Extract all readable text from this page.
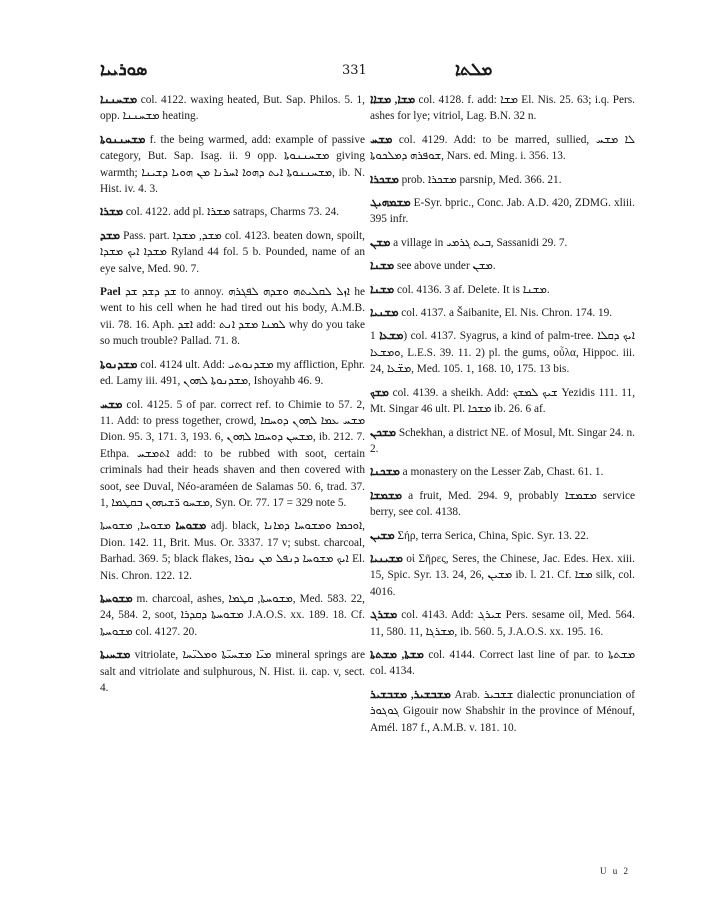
ܣܘܪܝܝܐ	331	ܡܠܬܐ

ܡܫܚܢܢܐ col. 4122. waxing heated, But. Sap. Philos. 5. 1, opp. ܡܫܚܢܢܐ heating.

ܡܫܚܢܢܘܬܐ f. the being warmed, add: example of passive category, But. Sap. Isag. ii. 9 opp. ܡܫܚܢܢܘܬܐ giving warmth; ܡܫܚܢܢܘܬܐ ܐܝܬ ܕܗܘܐ ܐܚܪܢܐ ܡܢ ܗܘܝܐ ܕܫܝܢܐ, ib. N. Hist. iv. 4. 3.

ܡܫܪܐ col. 4122. add pl. ܡܫܪܐ satraps, Charms 73. 24.

ܡܫܕ Pass. part. ܡܫܕ, ܡܫܕܐ col. 4123. beaten down, spoilt, ܡܫܕܐ ܐܝܟ ܡܫܕܐ Ryland 44 fol. 5 b. Pounded, name of an eye salve, Med. 90. 7.

Pael ܫܕ ܕܫܕ ܫܕ to annoy. ܐܙܠ ܠܩܠܝܬܗ ܘܫܕܗ ܠܦܓܪܗ he went to his cell when he had tired out his body, A.M.B. vii. 78. 16. Aph. ܐܫܕ add: ܠܡܢܐ ܡܫܕ ܐܢܬ why do you take so much trouble? Pallad. 71. 8.

ܡܫܕܢܘܬܐ col. 4124 ult. Add: ܡܫܕܢܘܬܝ my affliction, Ephr. ed. Lamy iii. 491, ܡܫܕܢܘܬܐ ܠܗܘܢ, Ishoyahb 46. 9.

ܡܫܚ col. 4125. 5 of par. correct ref. to Chimie to 57. 2, 11. Add: to press together, crowd, ܡܫܚ ܥܡܐ ܠܗܘܢ ܕܘܚܩܐ Dion. 95. 3, 171. 3, 193. 6, ܡܫܚܢ ܕܘܚܩܐ ܠܗܘܢ, ib. 212. 7. Ethpa. ܐܬܡܫܚ add: to be rubbed with soot, certain criminals had their heads shaven and then covered with soot, see Duval, Néo-araméen de Salamas 50. 6, trad. 37. 1, ܡܫܚܘ ܪ̈ܫܝܗܘܢ ܒܩܛܡܐ, Syn. Or. 77. 17 = 329 note 5.

ܡܫܘܚܐ ܡܫܘܚܐ, ܡܫܘܚܬܐ adj. black, ܐܘܟܡܐ ܘܡܫܘܚܐ ܕܡܐܢܐ, Dion. 142. 11, Brit. Mus. Or. 3337. 17 v; subst. charcoal, Barhad. 369. 5; black flakes, ܐܝܟ ܡܫܘܚܐ ܕܢܦܠ ܡܢ ܢܘܪܐ El. Nis. Chron. 122. 12.

ܡܫܘܚܬܐ m. charcoal, ashes, ܡܫܘܚܬܐ, ܩܛܡܐ, Med. 583. 22, 24, 584. 2, soot, ܡܫܘܚܬܐ ܕܩܕܪܐ J.A.O.S. xx. 189. 18. Cf. ܡܫܘܚܬܐ col. 4127. 20.

ܡܫܚܝܬܐ vitriolate, ܡܝ̈ܐ ܡܫܚܝ̈ܬܐ ܘܡܠܝ̈ܚܐ mineral springs are salt and vitriolate and sulphurous, N. Hist. ii. cap. v, sect. 4.

ܡܫܐ, ܡܫܐܐ col. 4128. f. add: ܡܫܐ El. Nis. 25. 63; i.q. Pers. ashes for lye; vitriol, Lag. B.N. 32 n.

ܡܫܚ col. 4129. Add: to be marred, sullied, ܠܐ ܡܫܚ ܫܘܦܪܗ ܕܡܠܟܘܬܐ, Nars. ed. Ming. i. 356. 13.

ܡܫܟܪܐ prob. ܡܫܟܪܐ parsnip, Med. 366. 21.

ܡܫܡܗܝܓ E-Syr. bpric., Conc. Jab. A.D. 420, ZDMG. xliii. 395 infr.

ܡܫܢ a village in ܒܝܬ ܓܪܡܝ, Sassanidi 29. 7.

ܡܫܢܐ see above under ܡܫܢ.

ܡܫܢܐ col. 4136. 3 af. Delete. It is ܡܫܢܐ.

ܡܫܢܝܐ col. 4137. a Šaibanite, El. Nis. Chron. 174. 19.

ܡܫܥܐ 1) col. 4137. Syagrus, a kind of palm-tree. ܐܝܟ ܕܩܠܐ ܘܡܫܥܐ, L.E.S. 39. 11. 2) pl. the gums, οὖλα, Hippoc. iii. 24, ܡܫ̈ܥܐ, Med. 105. 1, 168. 10, 175. 13 bis.

ܡܫܟ col. 4139. a sheikh. Add: ܫܝܟ ܠܡܫܟ Yezidis 111. 11, Mt. Singar 46 ult. Pl. ܡܫܟܐ ib. 26. 6 af.

ܡܫܟܢ Schekhan, a district NE. of Mosul, Mt. Singar 24. n. 2.

ܡܫܟܢܐ a monastery on the Lesser Zab, Chast. 61. 1.

ܡܫܡܫܐ a fruit, Med. 294. 9, probably ܡܫܡܫܐ service berry, see col. 4138.

ܡܫܝܢ Σήρ, terra Serica, China, Spic. Syr. 13. 22.

ܡܫܝܢܝܐ οἱ Σῆρες, Seres, the Chinese, Jac. Edes. Hex. xiii. 15, Spic. Syr. 13. 24, 26, ܡܫܝܢ ib. l. 21. Cf. ܡܫܐ silk, col. 4016.

ܡܫܪܓ col. 4143. Add: ܫܝܪܓ Pers. sesame oil, Med. 564. 11, 580. 11, ܡܫܪܓܐ, ib. 560. 5, J.A.O.S. xx. 195. 16.

ܡܫܬܐ, ܡܫܬܬܐ col. 4144. Correct last line of par. to ܡܫܬܬܐ col. 4134.

ܡܫܒܫܝܪ, ܡܫܒܫܝܪ Arab. ܫܫܒܝܪ dialectic pronunciation of ܓܘܓܘܪ Gigouir now Shabshir in the province of Ménouf, Amél. 187 f., A.M.B. v. 181. 10.

U u 2
